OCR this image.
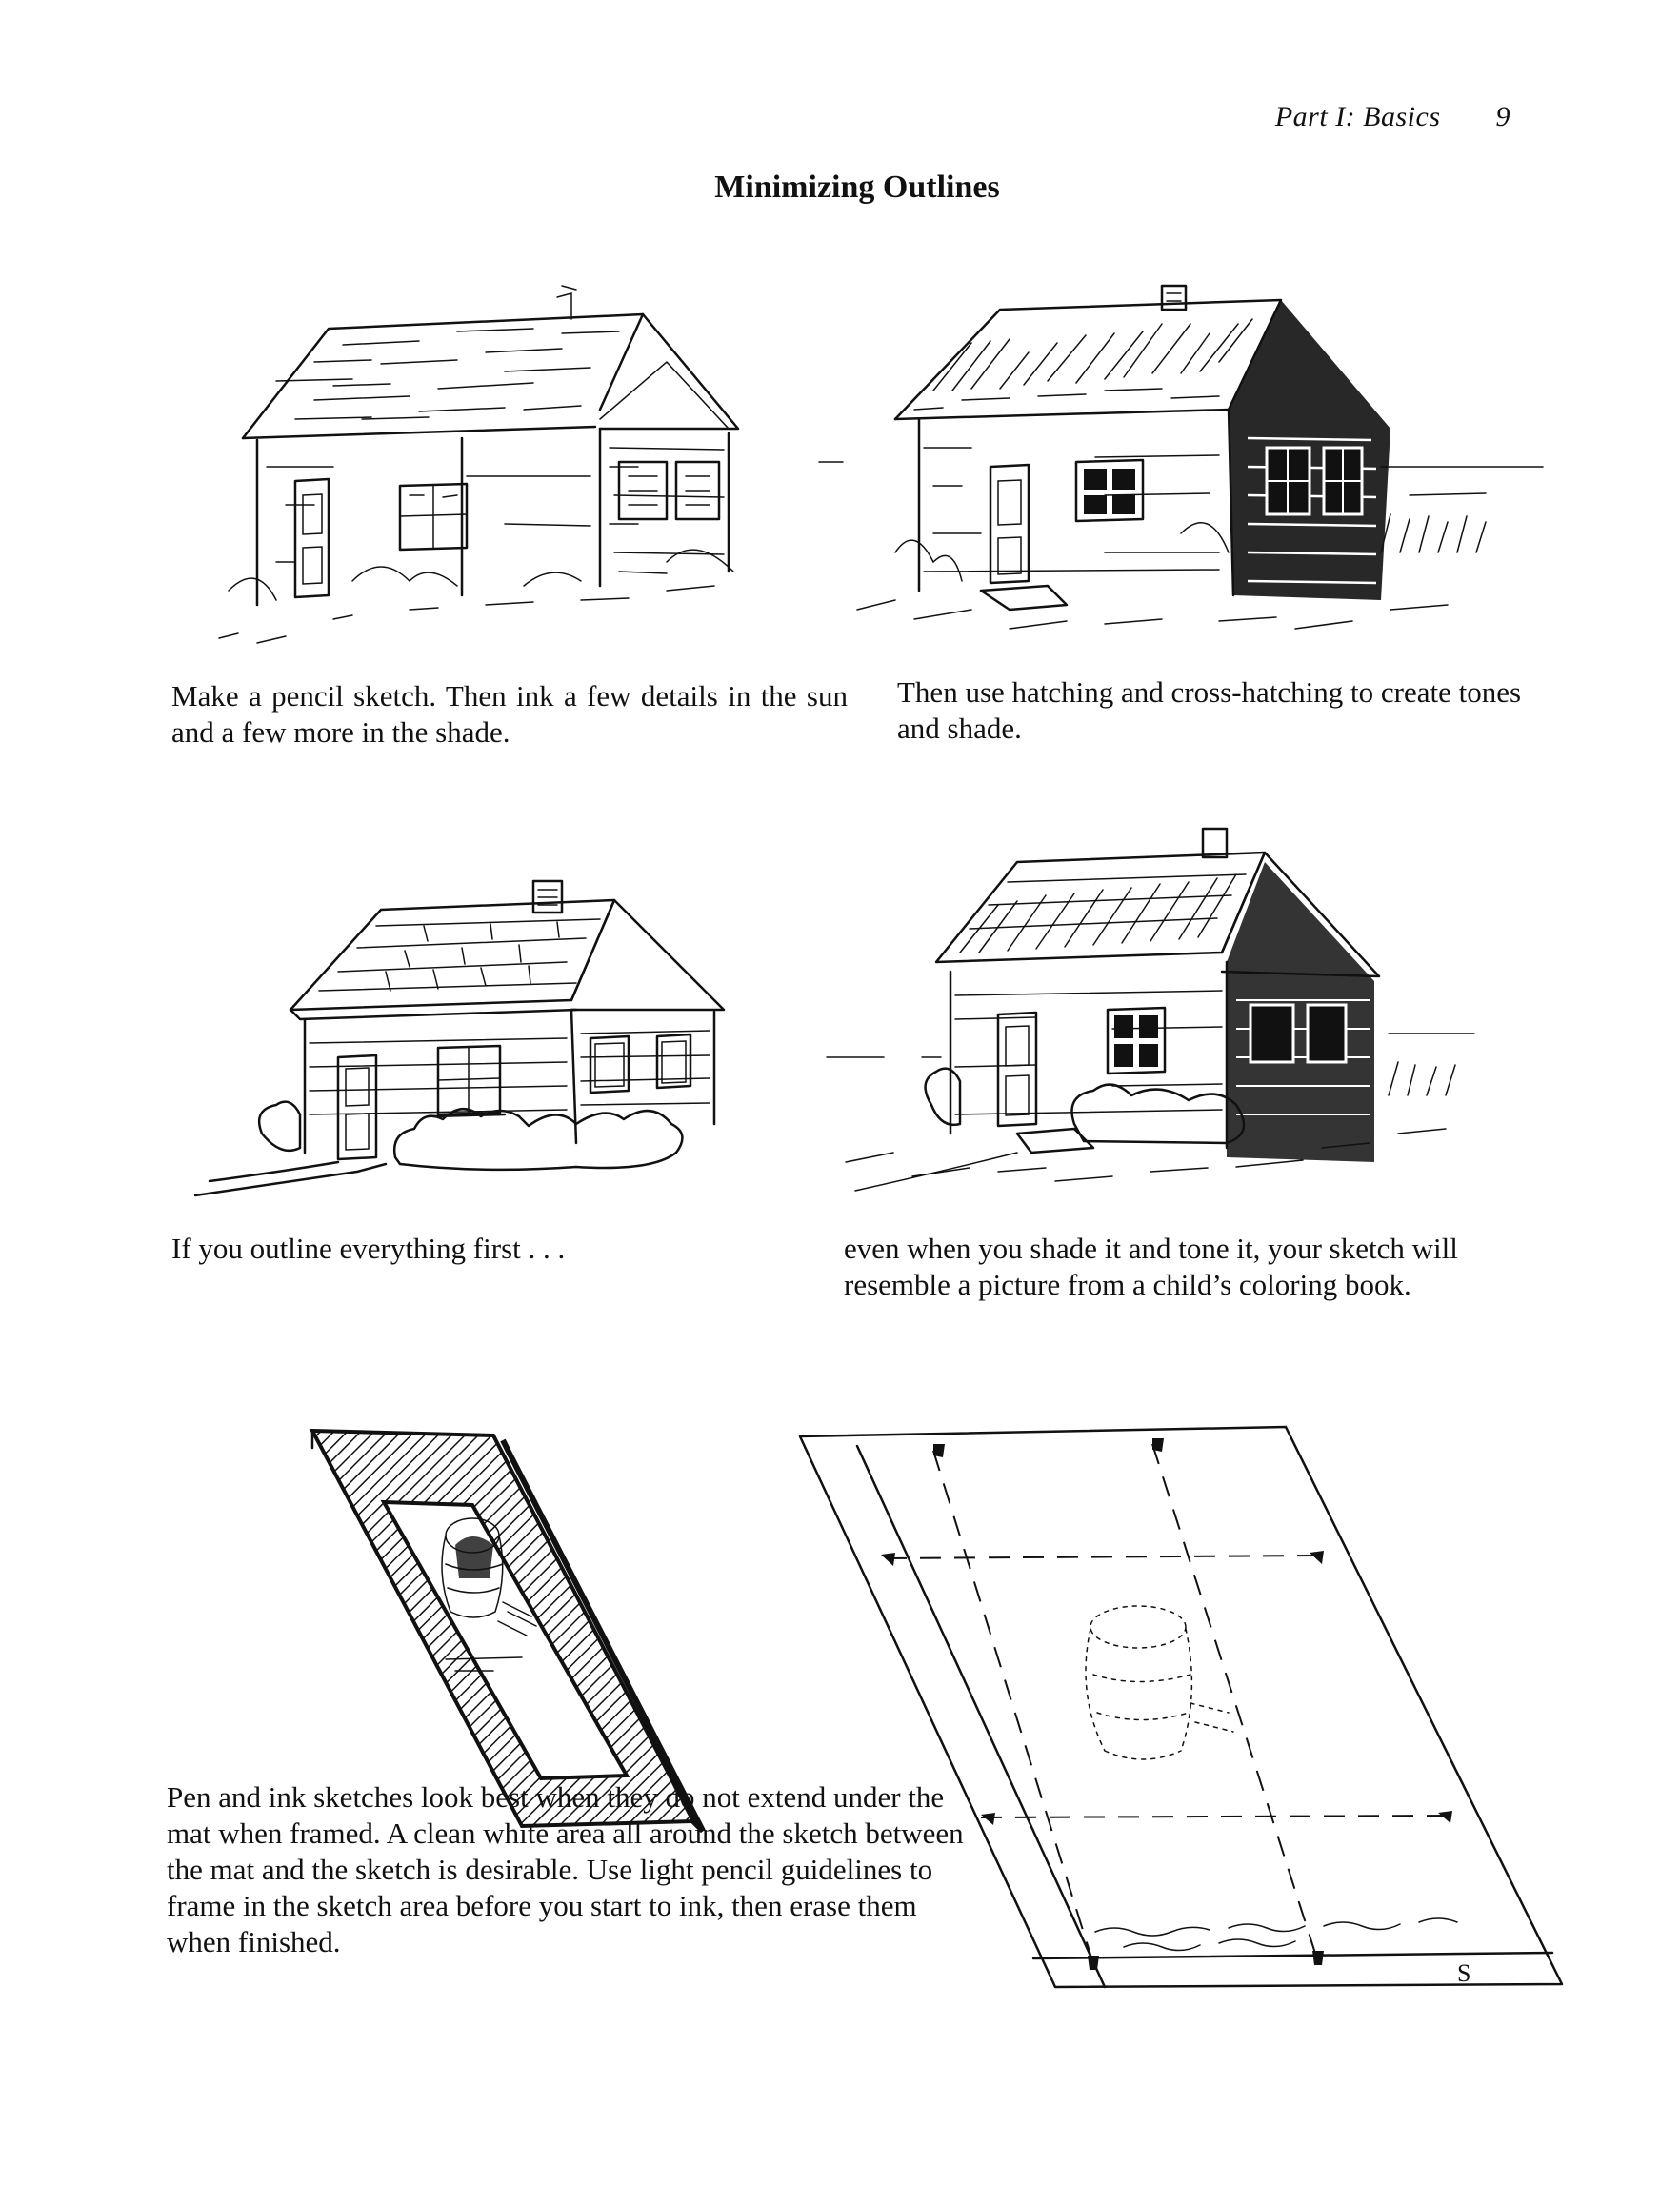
Part I: Basics 9
Minimizing Outlines
Make a pencil sketch. Then ink a few details in the sun and a few more in the shade.
Then use hatching and cross-hatching to create tones and shade.
If you outline everything first . . .	even when you shade it and tone it, your sketch will resemble a picture from a child’s coloring book.
S
Pen and ink sketches look best when they do not extend under the mat when framed. A clean white area all around the sketch between the mat and the sketch is desirable. Use light pencil guidelines to frame in the sketch area before you start to ink, then erase them when finished.
